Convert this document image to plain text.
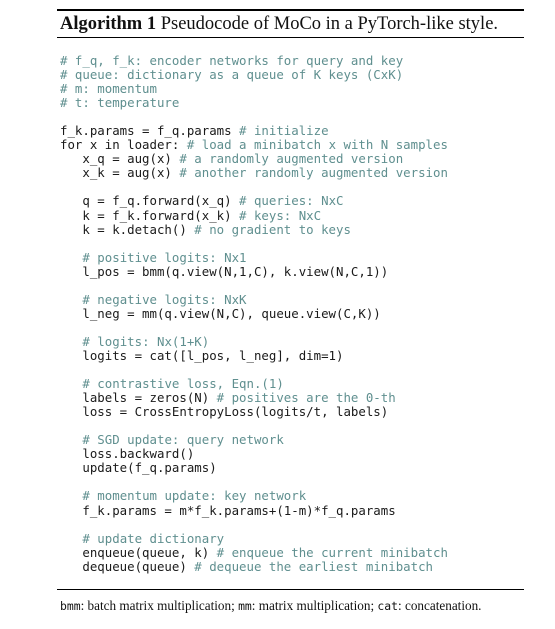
Algorithm 1 Pseudocode of MoCo in a PyTorch-like style.
# f_q, f_k: encoder networks for query and key
# queue: dictionary as a queue of K keys (CxK)
# m: momentum
# t: temperature
f_k.params = f_q.params # initialize
for x in loader: # load a minibatch x with N samples
x_q = aug(x) # a randomly augmented version
x_k = aug(x) # another randomly augmented version
q = f_q.forward(x_q) # queries: NxC
k = f_k.forward(x_k) # keys: NxC
k = k.detach() # no gradient to keys
# positive logits: Nx1
l_pos = bmm(q.view(N,1,C), k.view(N,C,1))
# negative logits: NxK
l_neg = mm(q.view(N,C), queue.view(C,K))
# logits: Nx(1+K)
logits = cat([l_pos, l_neg], dim=1)
# contrastive loss, Eqn.(1)
labels = zeros(N) # positives are the 0-th
loss = CrossEntropyLoss(logits/t, labels)
# SGD update: query network
loss.backward()
update(f_q.params)
# momentum update: key network
f_k.params = m*f_k.params+(1-m)*f_q.params
# update dictionary
enqueue(queue, k) # enqueue the current minibatch
dequeue(queue) # dequeue the earliest minibatch
bmm: batch matrix multiplication; mm: matrix multiplication; cat: concatenation.
